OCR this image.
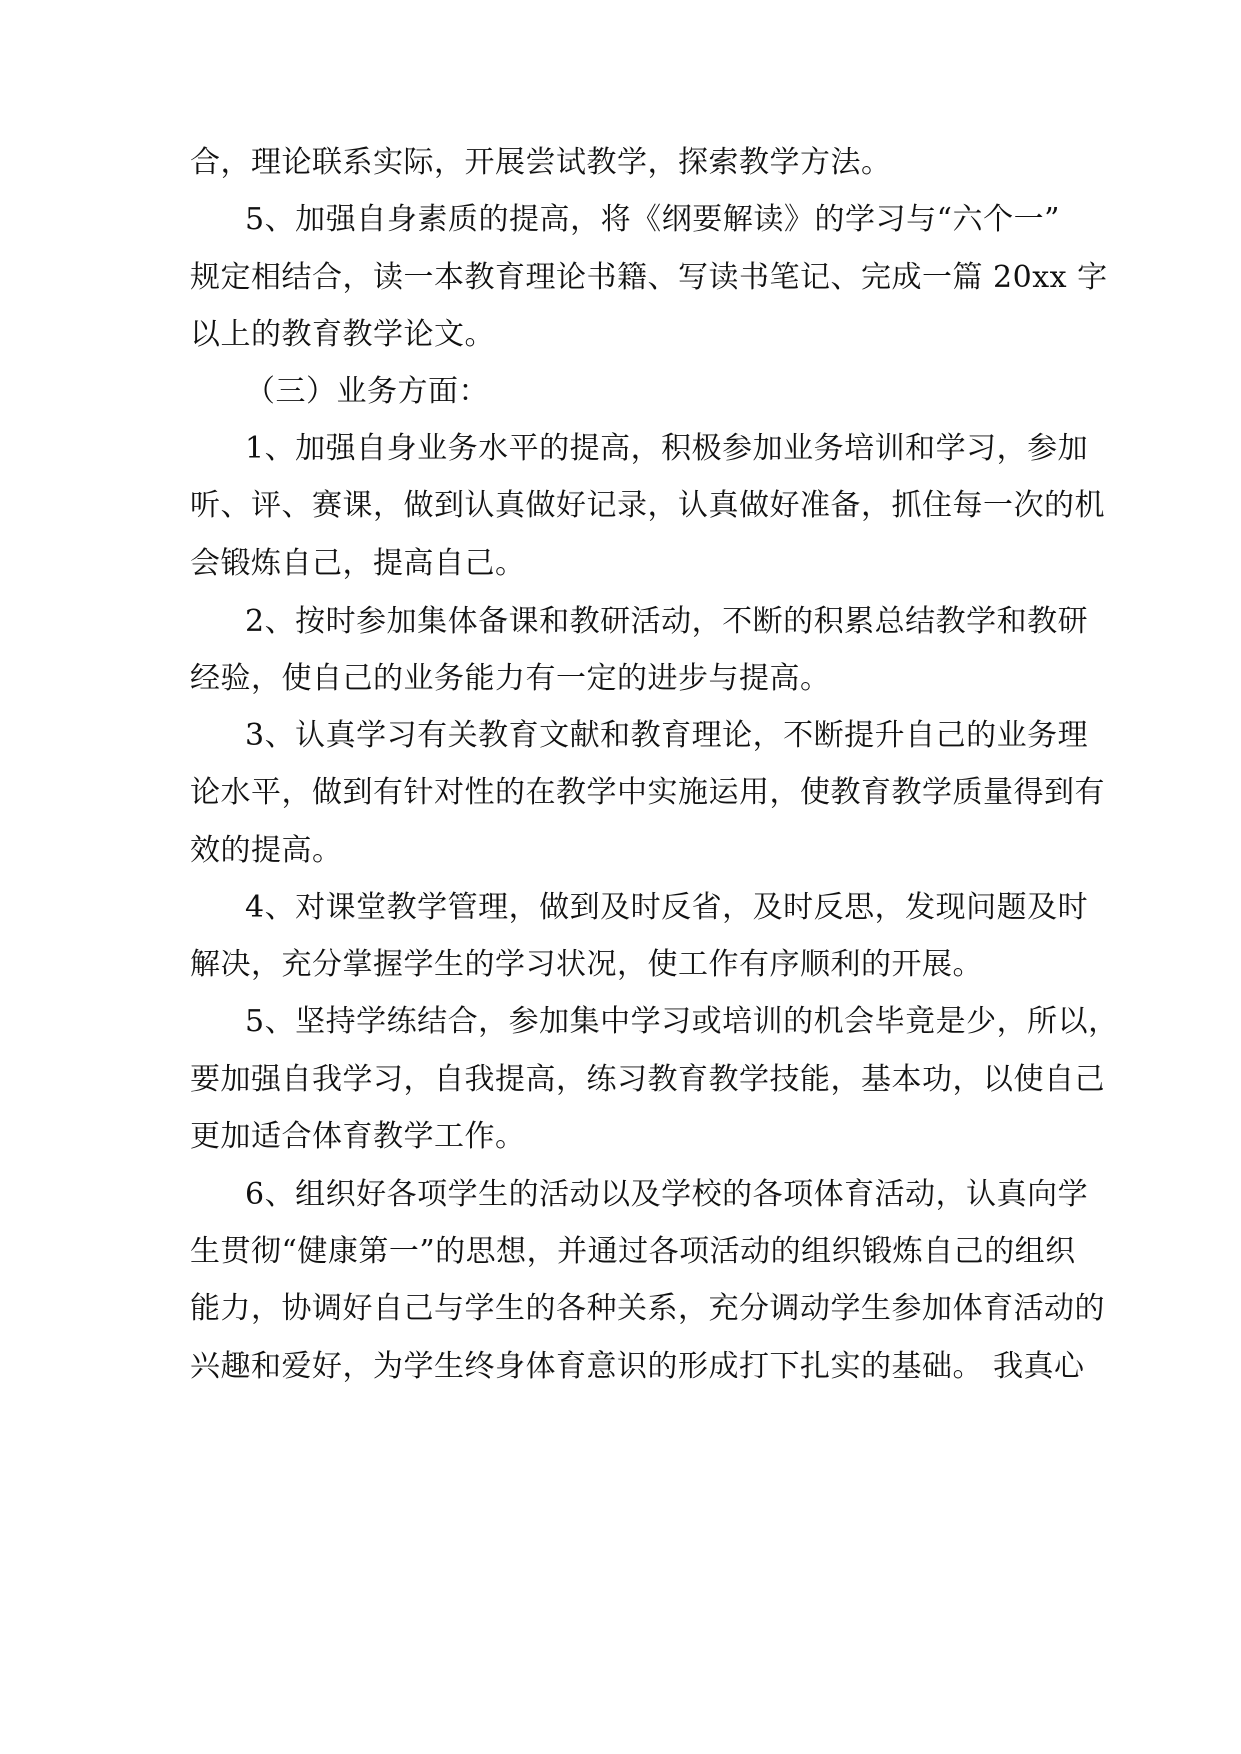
合，理论联系实际，开展尝试教学，探索教学方法。
5、加强自身素质的提高，将《纲要解读》的学习与“六个一”
规定相结合，读一本教育理论书籍、写读书笔记、完成一篇 20xx 字
以上的教育教学论文。
（三）业务方面：
1、加强自身业务水平的提高，积极参加业务培训和学习，参加
听、评、赛课，做到认真做好记录，认真做好准备，抓住每一次的机
会锻炼自己，提高自己。
2、按时参加集体备课和教研活动，不断的积累总结教学和教研
经验，使自己的业务能力有一定的进步与提高。
3、认真学习有关教育文献和教育理论，不断提升自己的业务理
论水平，做到有针对性的在教学中实施运用，使教育教学质量得到有
效的提高。
4、对课堂教学管理，做到及时反省，及时反思，发现问题及时
解决，充分掌握学生的学习状况，使工作有序顺利的开展。
5、坚持学练结合，参加集中学习或培训的机会毕竟是少，所以，
要加强自我学习，自我提高，练习教育教学技能，基本功，以使自己
更加适合体育教学工作。
6、组织好各项学生的活动以及学校的各项体育活动，认真向学
生贯彻“健康第一”的思想，并通过各项活动的组织锻炼自己的组织
能力，协调好自己与学生的各种关系，充分调动学生参加体育活动的
兴趣和爱好，为学生终身体育意识的形成打下扎实的基础。 我真心
